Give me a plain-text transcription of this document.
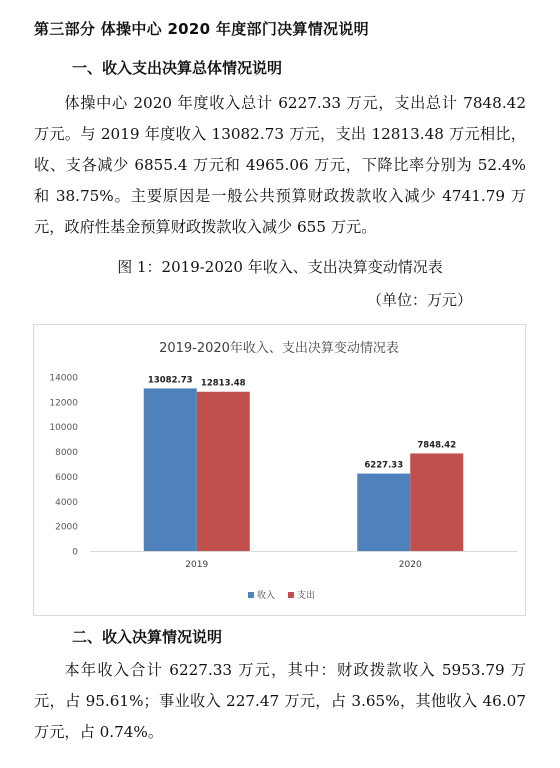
第三部分 体操中心 2020 年度部门决算情况说明
一、收入支出决算总体情况说明
体操中心 2020 年度收入总计 6227.33 万元，支出总计 7848.42 万元。与 2019 年度收入 13082.73 万元，支出 12813.48 万元相比，收、支各减少 6855.4 万元和 4965.06 万元，下降比率分别为 52.4% 和 38.75%。主要原因是一般公共预算财政拨款收入减少 4741.79 万元，政府性基金预算财政拨款收入减少 655 万元。
图 1：2019-2020 年收入、支出决算变动情况表
（单位：万元）
2019-2020年收入、支出决算变动情况表
0
2000
4000
6000
8000
10000
12000
14000	13082.73 12813.48
2019
6227.33
7848.42
2020
收入 支出
二、收入决算情况说明
本年收入合计 6227.33 万元，其中：财政拨款收入 5953.79 万元，占 95.61%；事业收入 227.47 万元，占 3.65%，其他收入 46.07 万元，占 0.74%。
